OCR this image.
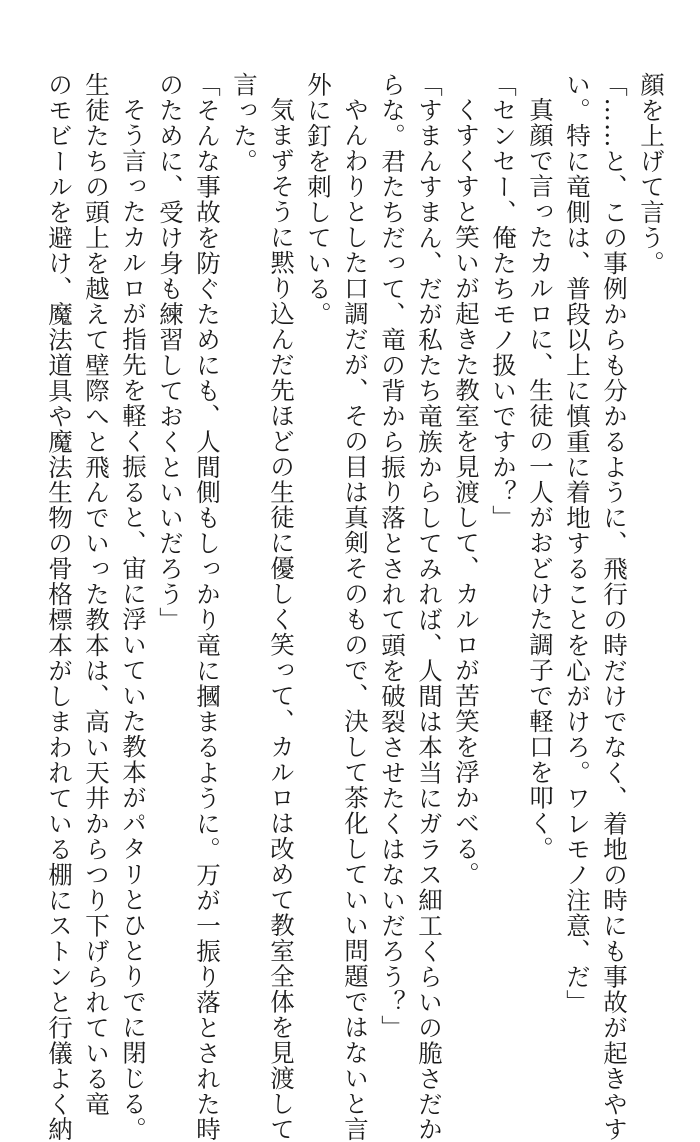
顔を上げて言う。
「……と、この事例からも分かるように、飛行の時だけでなく、着地の時にも事故が起きやす
い。特に竜側は、普段以上に慎重に着地することを心がけろ。ワレモノ注意、だ」
真顔で言ったカルロに、生徒の一人がおどけた調子で軽口を叩く。
「センセー、俺たちモノ扱いですか？」
くすくすと笑いが起きた教室を見渡して、カルロが苦笑を浮かべる。
「すまんすまん、だが私たち竜族からしてみれば、人間は本当にガラス細工くらいの脆さだか
らな。君たちだって、竜の背から振り落とされて頭を破裂させたくはないだろう？」
やんわりとした口調だが、その目は真剣そのもので、決して茶化していい問題ではないと言
外に釘を刺している。
気まずそうに黙り込んだ先ほどの生徒に優しく笑って、カルロは改めて教室全体を見渡して
言った。
「そんな事故を防ぐためにも、人間側もしっかり竜に摑まるように。万が一振り落とされた時
のために、受け身も練習しておくといいだろう」
そう言ったカルロが指先を軽く振ると、宙に浮いていた教本がパタリとひとりでに閉じる。
生徒たちの頭上を越えて壁際へと飛んでいった教本は、高い天井からつり下げられている竜
のモビールを避け、魔法道具や魔法生物の骨格標本がしまわれている棚にストンと行儀よく納
